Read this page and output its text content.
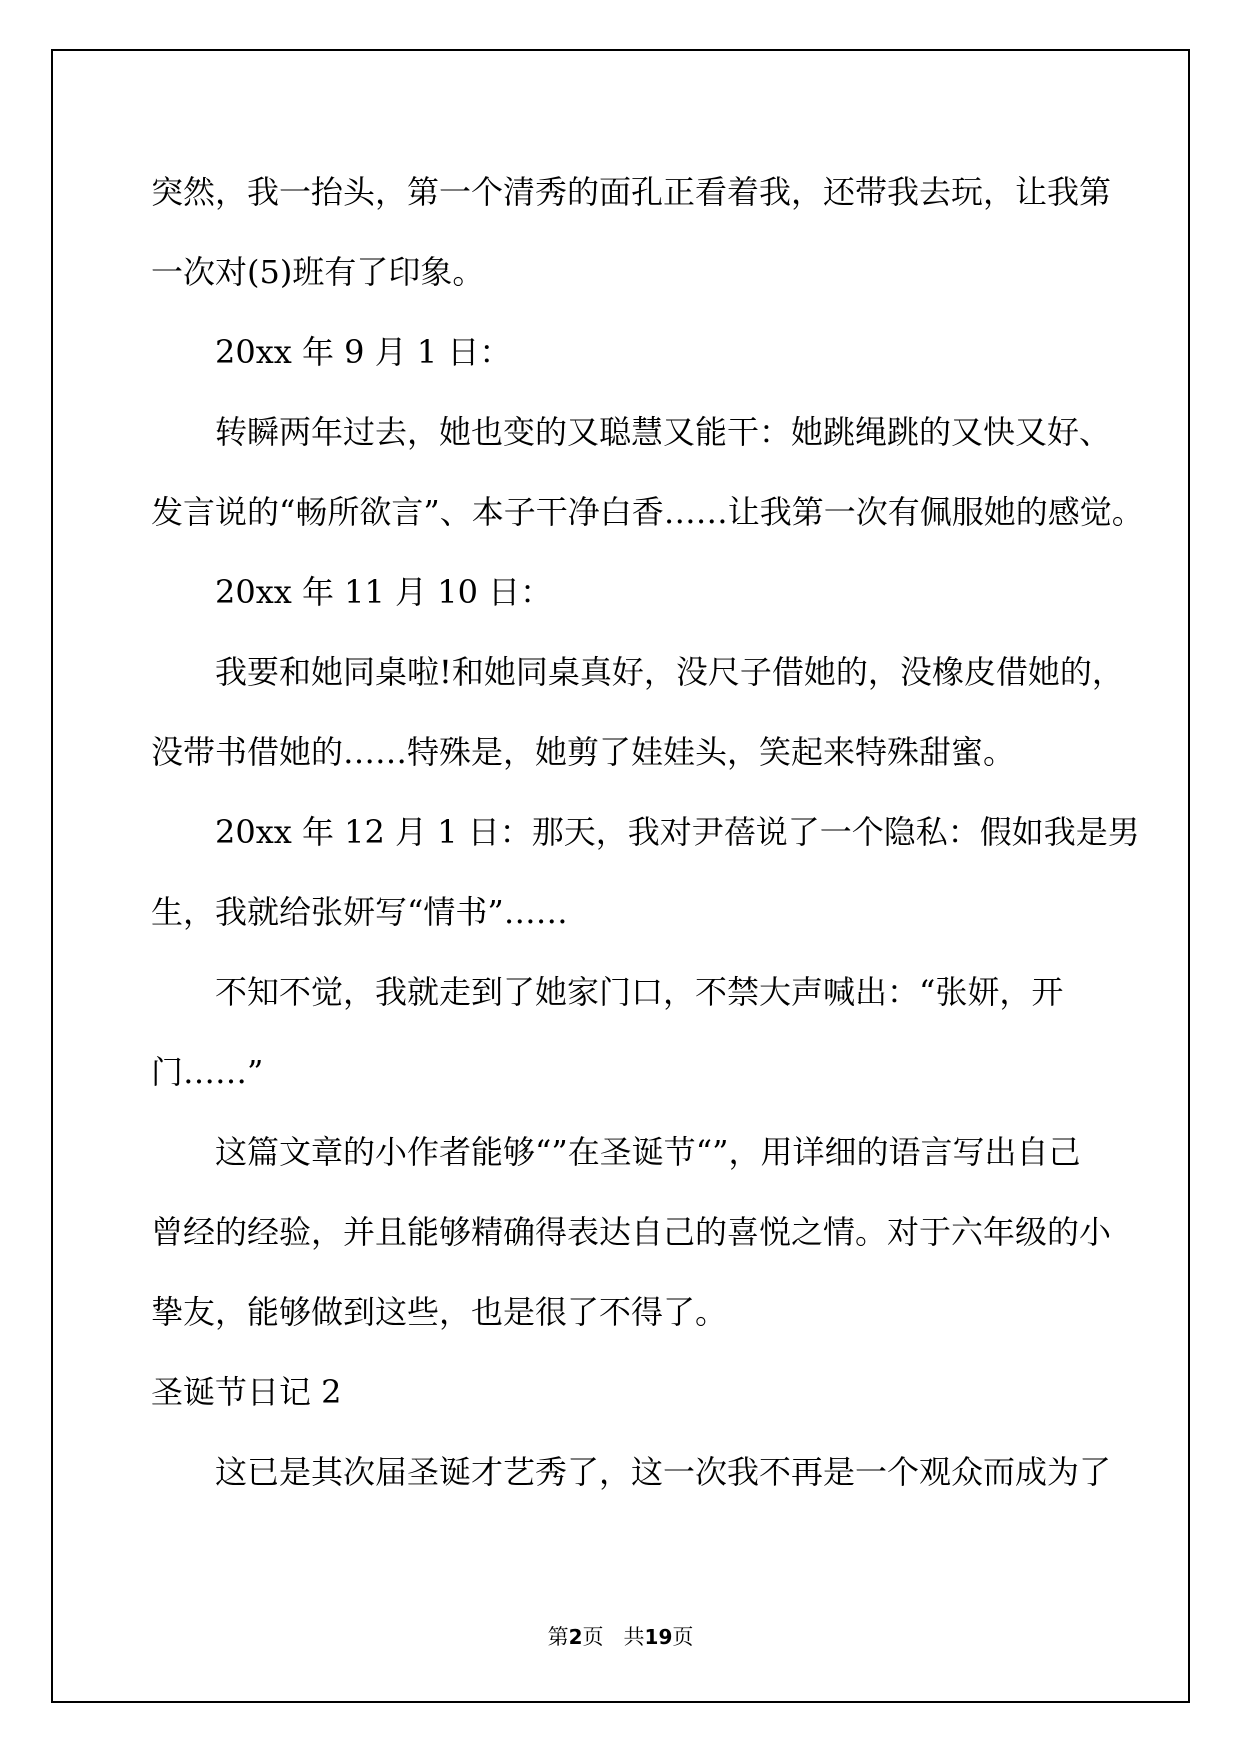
突然，我一抬头，第一个清秀的面孔正看着我，还带我去玩，让我第
一次对(5)班有了印象。
20xx 年 9 月 1 日：
转瞬两年过去，她也变的又聪慧又能干：她跳绳跳的又快又好、
发言说的“畅所欲言”、本子干净白香……让我第一次有佩服她的感觉。
20xx 年 11 月 10 日：
我要和她同桌啦!和她同桌真好，没尺子借她的，没橡皮借她的，
没带书借她的……特殊是，她剪了娃娃头，笑起来特殊甜蜜。
20xx 年 12 月 1 日：那天，我对尹蓓说了一个隐私：假如我是男
生，我就给张妍写“情书”……
不知不觉，我就走到了她家门口，不禁大声喊出：“张妍，开
门……”
这篇文章的小作者能够“”在圣诞节“”，用详细的语言写出自己
曾经的经验，并且能够精确得表达自己的喜悦之情。对于六年级的小
挚友，能够做到这些，也是很了不得了。
圣诞节日记 2
这已是其次届圣诞才艺秀了，这一次我不再是一个观众而成为了
第2页 共19页
